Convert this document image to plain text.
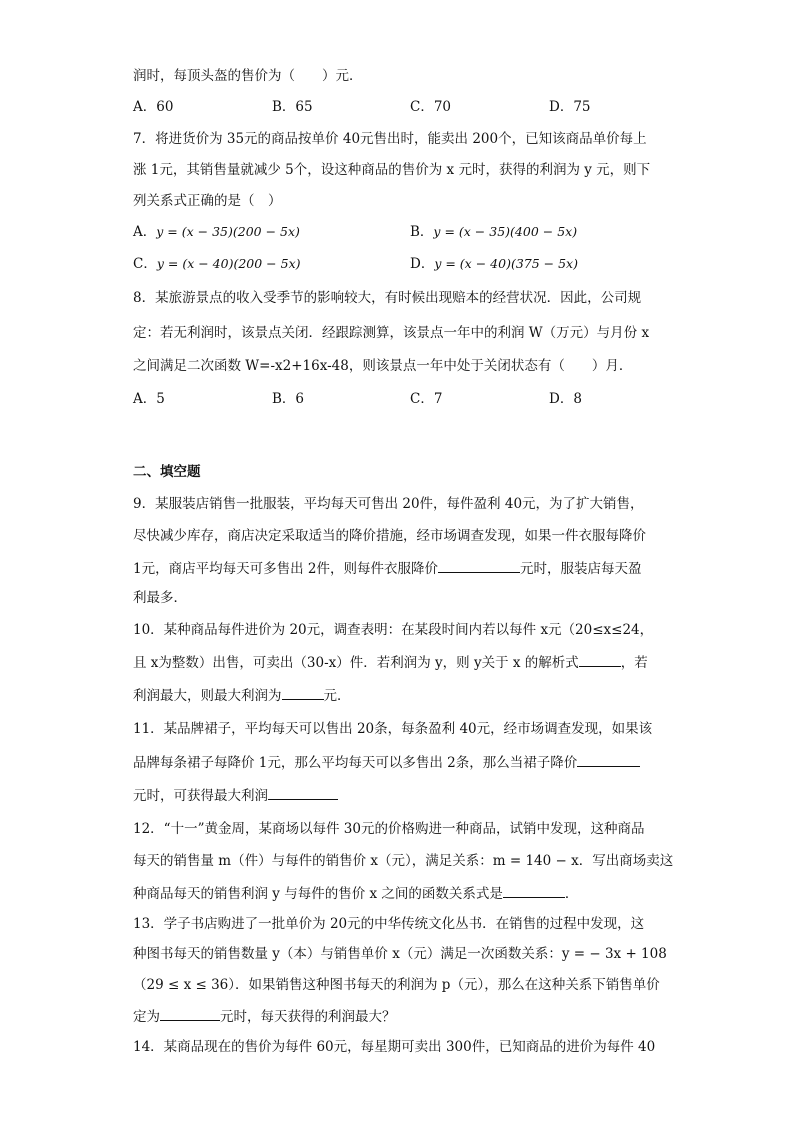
润时，每顶头盔的售价为（　　）元．
A．60	B．65	C．70	D．75
7．将进货价为 35元的商品按单价 40元售出时，能卖出 200个，已知该商品单价每上
涨 1元，其销售量就减少 5个，设这种商品的售价为 x 元时，获得的利润为 y 元，则下
列关系式正确的是（　）
A．y = (x − 35)(200 − 5x)	B．y = (x − 35)(400 − 5x)
C．y = (x − 40)(200 − 5x)	D．y = (x − 40)(375 − 5x)
8．某旅游景点的收入受季节的影响较大，有时候出现赔本的经营状况．因此，公司规
定：若无利润时，该景点关闭．经跟踪测算，该景点一年中的利润 W（万元）与月份 x
之间满足二次函数 W=-x2+16x-48，则该景点一年中处于关闭状态有（　　）月．
A．5	B．6	C．7	D．8
二、填空题
9．某服装店销售一批服装，平均每天可售出 20件，每件盈利 40元，为了扩大销售，
尽快减少库存，商店决定采取适当的降价措施，经市场调查发现，如果一件衣服每降价
1元，商店平均每天可多售出 2件，则每件衣服降价	元时，服装店每天盈
利最多．
10．某种商品每件进价为 20元，调查表明：在某段时间内若以每件 x元（20≤x≤24，
且 x为整数）出售，可卖出（30-x）件．若利润为 y，则 y关于 x 的解析式	，若
利润最大，则最大利润为	元．
11．某品牌裙子，平均每天可以售出 20条，每条盈利 40元，经市场调查发现，如果该
品牌每条裙子每降价 1元，那么平均每天可以多售出 2条，那么当裙子降价
元时，可获得最大利润
12．“十一”黄金周，某商场以每件 30元的价格购进一种商品，试销中发现，这种商品
每天的销售量 m（件）与每件的销售价 x（元），满足关系：m = 140 − x．写出商场卖这
种商品每天的销售利润 y 与每件的售价 x 之间的函数关系式是	．
13．学子书店购进了一批单价为 20元的中华传统文化丛书．在销售的过程中发现，这
种图书每天的销售数量 y（本）与销售单价 x（元）满足一次函数关系：y = − 3x + 108
（29 ≤ x ≤ 36）．如果销售这种图书每天的利润为 p（元），那么在这种关系下销售单价
定为	元时，每天获得的利润最大？
14．某商品现在的售价为每件 60元，每星期可卖出 300件，已知商品的进价为每件 40
